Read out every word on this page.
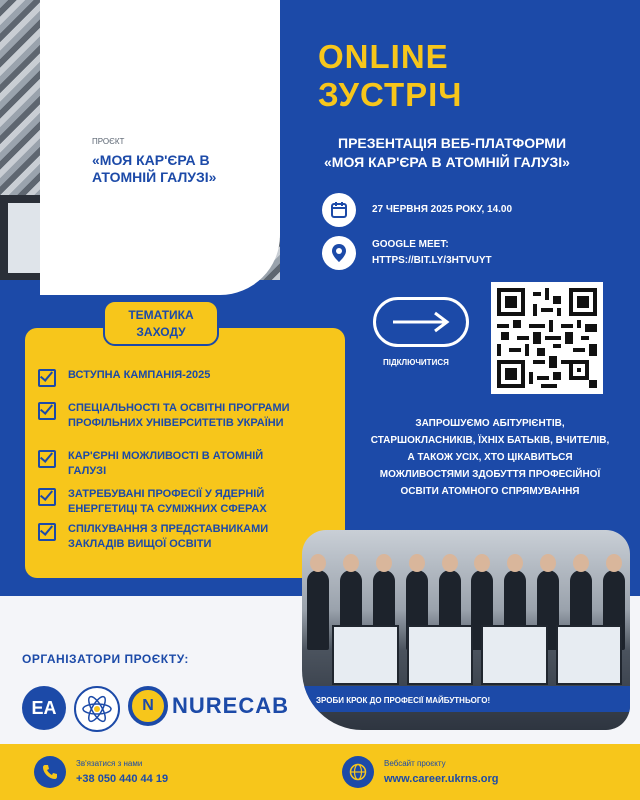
ПРОЄКТ
«МОЯ КАР'ЄРА В АТОМНІЙ ГАЛУЗІ»
ONLINE
ЗУСТРІЧ
ПРЕЗЕНТАЦІЯ ВЕБ-ПЛАТФОРМИ
«МОЯ КАР'ЄРА В АТОМНІЙ ГАЛУЗІ»
27 ЧЕРВНЯ 2025 РОКУ, 14.00
GOOGLE MEET:
HTTPS://BIT.LY/3HTVUYT
ПІДКЛЮЧИТИСЯ
ЗАПРОШУЄМО АБІТУРІЄНТІВ, СТАРШОКЛАСНИКІВ, ЇХНІХ БАТЬКІВ, ВЧИТЕЛІВ, А ТАКОЖ УСІХ, ХТО ЦІКАВИТЬСЯ МОЖЛИВОСТЯМИ ЗДОБУТТЯ ПРОФЕСІЙНОЇ ОСВІТИ АТОМНОГО СПРЯМУВАННЯ
ТЕМАТИКА
ЗАХОДУ
ВСТУПНА КАМПАНІЯ-2025
СПЕЦІАЛЬНОСТІ ТА ОСВІТНІ ПРОГРАМИ ПРОФІЛЬНИХ УНІВЕРСИТЕТІВ УКРАЇНИ
КАР'ЄРНІ МОЖЛИВОСТІ В АТОМНІЙ ГАЛУЗІ
ЗАТРЕБУВАНІ ПРОФЕСІЇ У ЯДЕРНІЙ ЕНЕРГЕТИЦІ ТА СУМІЖНИХ СФЕРАХ
СПІЛКУВАННЯ З ПРЕДСТАВНИКАМИ ЗАКЛАДІВ ВИЩОЇ ОСВІТИ
ЗРОБИ КРОК ДО ПРОФЕСІЇ МАЙБУТНЬОГО!
ОРГАНІЗАТОРИ ПРОЄКТУ:
EA	N NURECAB
Зв'язатися з нами
+38 050 440 44 19
Вебсайт проєкту
www.career.ukrns.org
